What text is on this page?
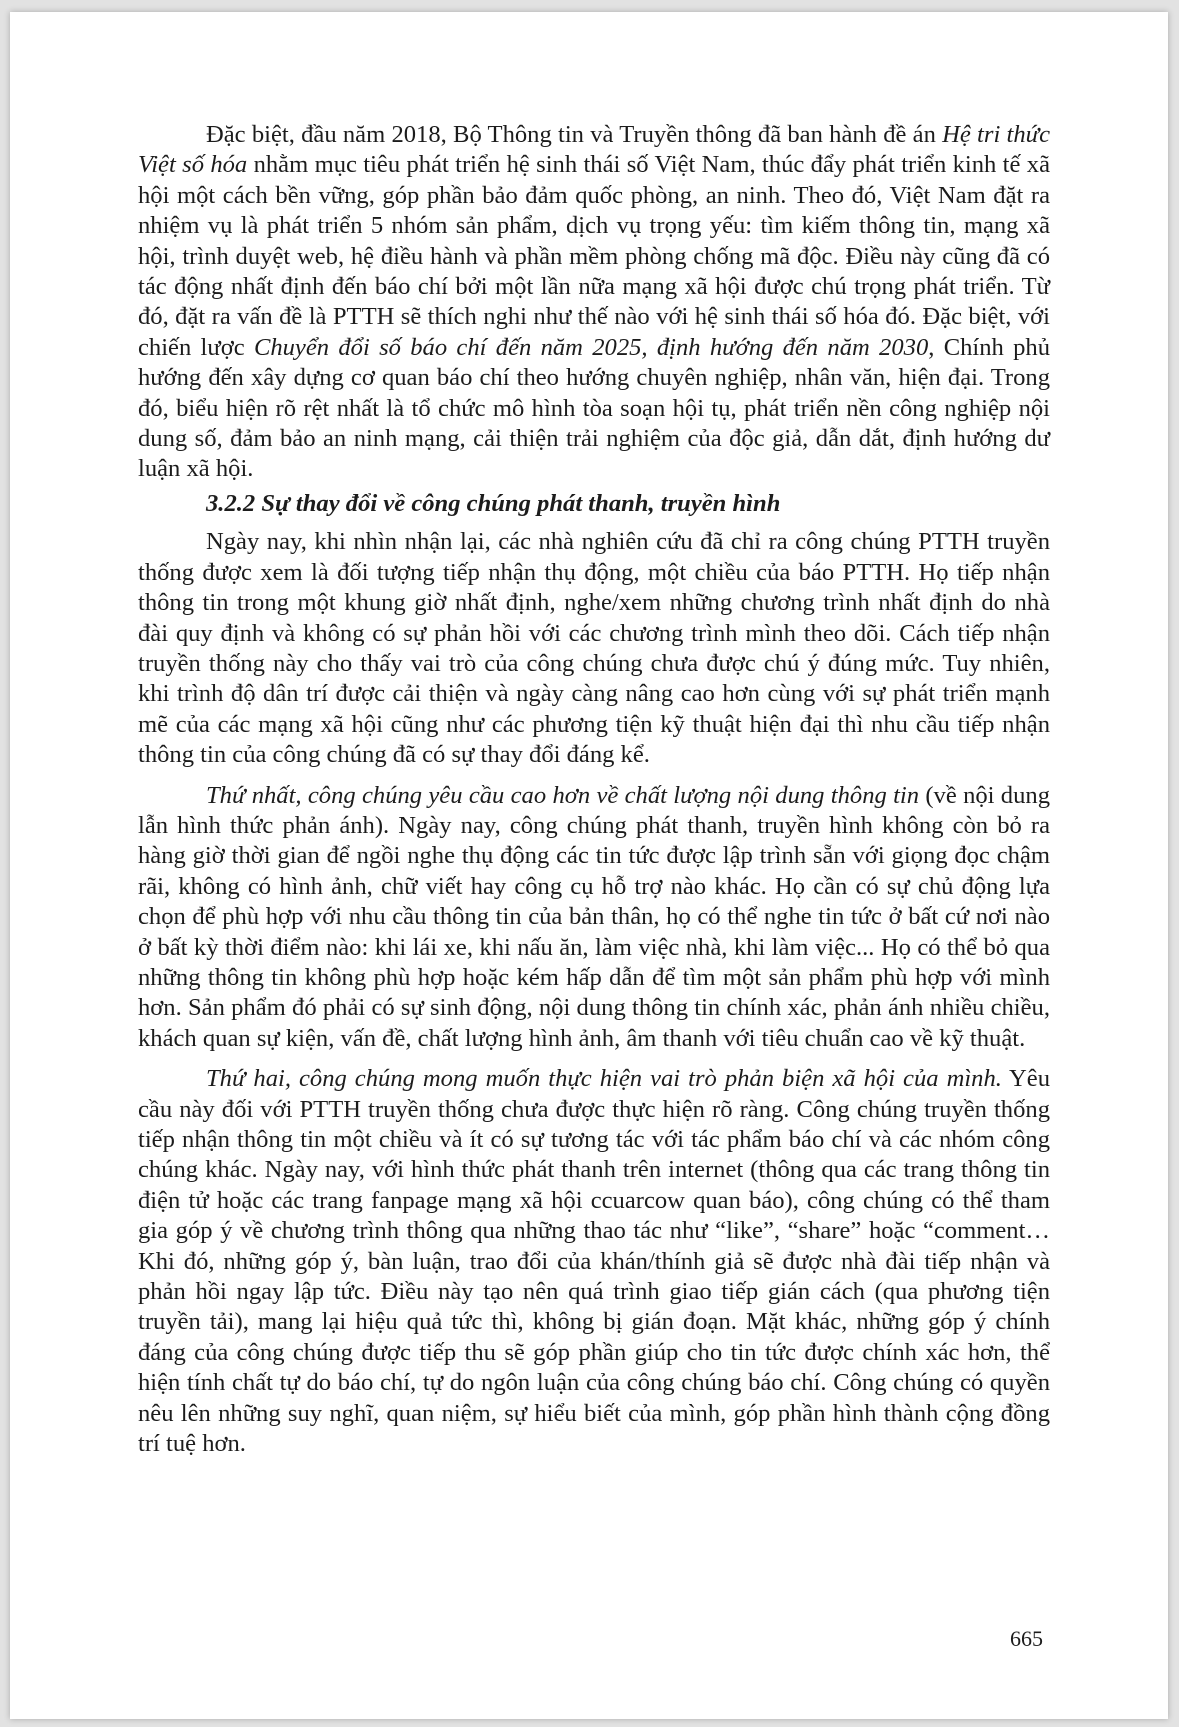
Đặc biệt, đầu năm 2018, Bộ Thông tin và Truyền thông đã ban hành đề án Hệ tri thức Việt số hóa nhằm mục tiêu phát triển hệ sinh thái số Việt Nam, thúc đẩy phát triển kinh tế xã hội một cách bền vững, góp phần bảo đảm quốc phòng, an ninh. Theo đó, Việt Nam đặt ra nhiệm vụ là phát triển 5 nhóm sản phẩm, dịch vụ trọng yếu: tìm kiếm thông tin, mạng xã hội, trình duyệt web, hệ điều hành và phần mềm phòng chống mã độc. Điều này cũng đã có tác động nhất định đến báo chí bởi một lần nữa mạng xã hội được chú trọng phát triển. Từ đó, đặt ra vấn đề là PTTH sẽ thích nghi như thế nào với hệ sinh thái số hóa đó. Đặc biệt, với chiến lược Chuyển đổi số báo chí đến năm 2025, định hướng đến năm 2030, Chính phủ hướng đến xây dựng cơ quan báo chí theo hướng chuyên nghiệp, nhân văn, hiện đại. Trong đó, biểu hiện rõ rệt nhất là tổ chức mô hình tòa soạn hội tụ, phát triển nền công nghiệp nội dung số, đảm bảo an ninh mạng, cải thiện trải nghiệm của độc giả, dẫn dắt, định hướng dư luận xã hội.

3.2.2 Sự thay đổi về công chúng phát thanh, truyền hình

Ngày nay, khi nhìn nhận lại, các nhà nghiên cứu đã chỉ ra công chúng PTTH truyền thống được xem là đối tượng tiếp nhận thụ động, một chiều của báo PTTH. Họ tiếp nhận thông tin trong một khung giờ nhất định, nghe/xem những chương trình nhất định do nhà đài quy định và không có sự phản hồi với các chương trình mình theo dõi. Cách tiếp nhận truyền thống này cho thấy vai trò của công chúng chưa được chú ý đúng mức. Tuy nhiên, khi trình độ dân trí được cải thiện và ngày càng nâng cao hơn cùng với sự phát triển mạnh mẽ của các mạng xã hội cũng như các phương tiện kỹ thuật hiện đại thì nhu cầu tiếp nhận thông tin của công chúng đã có sự thay đổi đáng kể.

Thứ nhất, công chúng yêu cầu cao hơn về chất lượng nội dung thông tin (về nội dung lẫn hình thức phản ánh). Ngày nay, công chúng phát thanh, truyền hình không còn bỏ ra hàng giờ thời gian để ngồi nghe thụ động các tin tức được lập trình sẵn với giọng đọc chậm rãi, không có hình ảnh, chữ viết hay công cụ hỗ trợ nào khác. Họ cần có sự chủ động lựa chọn để phù hợp với nhu cầu thông tin của bản thân, họ có thể nghe tin tức ở bất cứ nơi nào ở bất kỳ thời điểm nào: khi lái xe, khi nấu ăn, làm việc nhà, khi làm việc... Họ có thể bỏ qua những thông tin không phù hợp hoặc kém hấp dẫn để tìm một sản phẩm phù hợp với mình hơn. Sản phẩm đó phải có sự sinh động, nội dung thông tin chính xác, phản ánh nhiều chiều, khách quan sự kiện, vấn đề, chất lượng hình ảnh, âm thanh với tiêu chuẩn cao về kỹ thuật.

Thứ hai, công chúng mong muốn thực hiện vai trò phản biện xã hội của mình. Yêu cầu này đối với PTTH truyền thống chưa được thực hiện rõ ràng. Công chúng truyền thống tiếp nhận thông tin một chiều và ít có sự tương tác với tác phẩm báo chí và các nhóm công chúng khác. Ngày nay, với hình thức phát thanh trên internet (thông qua các trang thông tin điện tử hoặc các trang fanpage mạng xã hội ccuarcow quan báo), công chúng có thể tham gia góp ý về chương trình thông qua những thao tác như “like”, “share” hoặc “comment… Khi đó, những góp ý, bàn luận, trao đổi của khán/thính giả sẽ được nhà đài tiếp nhận và phản hồi ngay lập tức. Điều này tạo nên quá trình giao tiếp gián cách (qua phương tiện truyền tải), mang lại hiệu quả tức thì, không bị gián đoạn. Mặt khác, những góp ý chính đáng của công chúng được tiếp thu sẽ góp phần giúp cho tin tức được chính xác hơn, thể hiện tính chất tự do báo chí, tự do ngôn luận của công chúng báo chí. Công chúng có quyền nêu lên những suy nghĩ, quan niệm, sự hiểu biết của mình, góp phần hình thành cộng đồng trí tuệ hơn.

665
